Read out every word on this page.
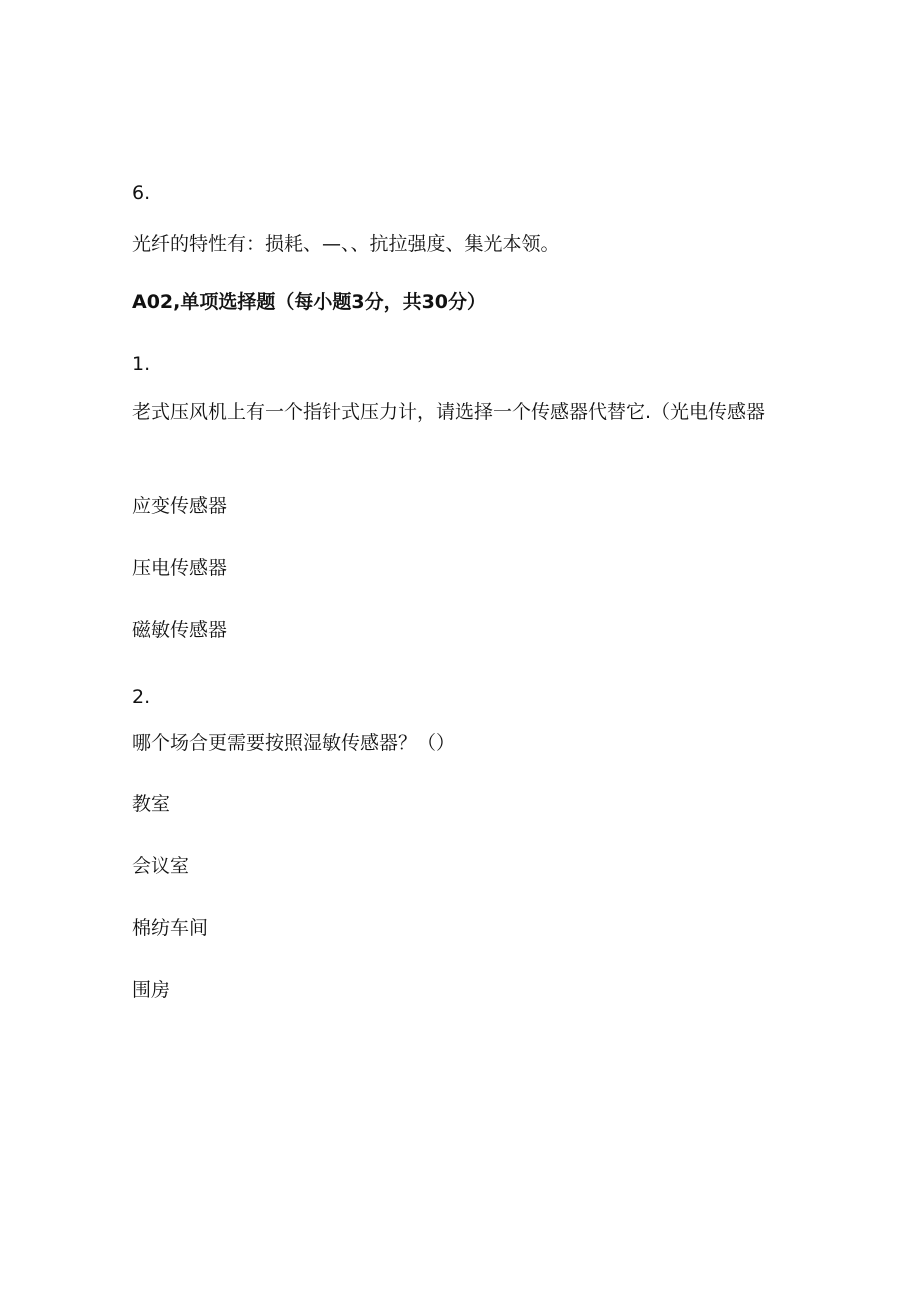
6.
光纤的特性有：损耗、—、、抗拉强度、集光本领。
A02,单项选择题（每小题3分，共30分）
1.
老式压风机上有一个指针式压力计，请选择一个传感器代替它.（光电传感器
应变传感器
压电传感器
磁敏传感器
2.
哪个场合更需要按照湿敏传感器？（）
教室
会议室
棉纺车间
围房
